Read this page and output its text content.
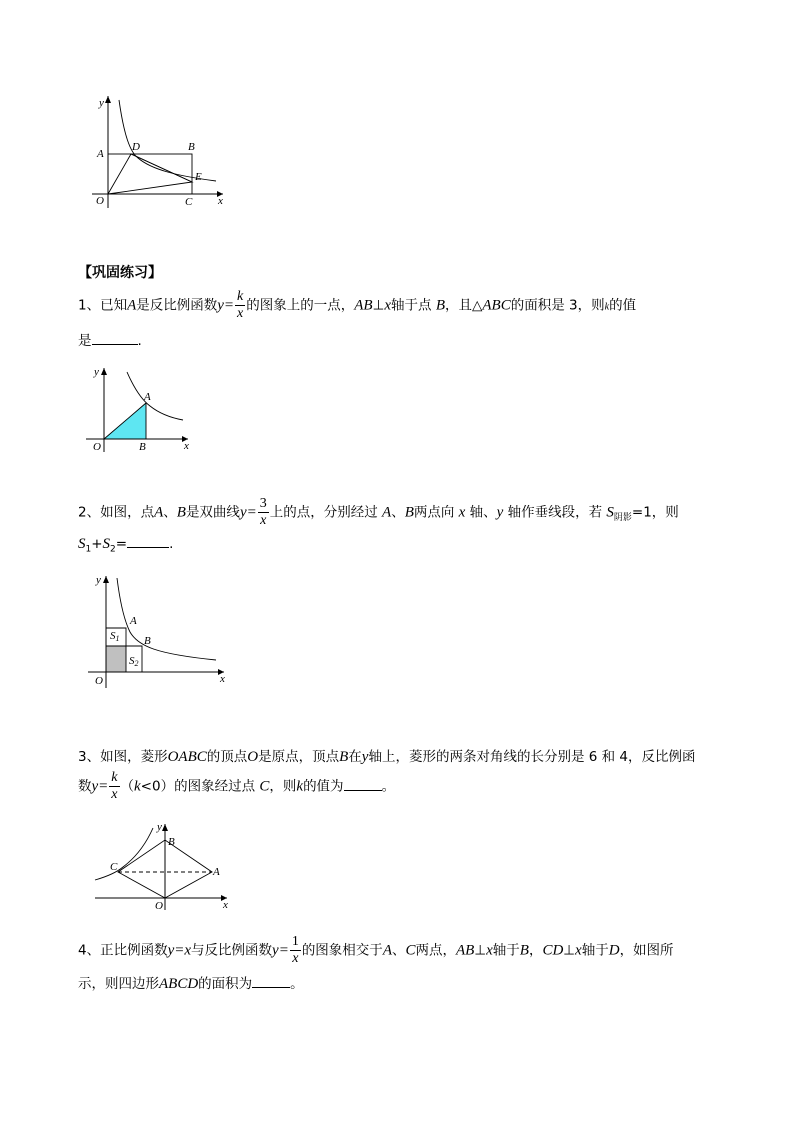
y
x
O
A
D	B
E
C
【巩固练习】
1、已知A是反比例函数$y= \frac{k}{x}$ 的图象上的一点，AB⊥x轴于点 B，且△ABC的面积是 3，则k的值
是	.
y
x
O
A
B
2、如图，点A、B是双曲线$y= \frac{3}{x}$ 上的点，分别经过 A、B两点向 x 轴、y 轴作垂线段，若 $S_{阴影}=1$，则
$S_1+S_2=$	.
y
x
O
A
B
S1
S2
3、如图，菱形OABC的顶点O是原点，顶点B在y轴上，菱形的两条对角线的长分别是 6 和 4，反比例函
数$y= \frac{k}{x} (k<0)$的图象经过点 C，则k的值为	。
y
x
O
A
B
C
4、正比例函数y=x与反比例函数$y= \frac{1}{x}$ 的图象相交于A、C两点，AB⊥x轴于B，CD⊥x轴于D，如图所
示，则四边形ABCD的面积为	。
